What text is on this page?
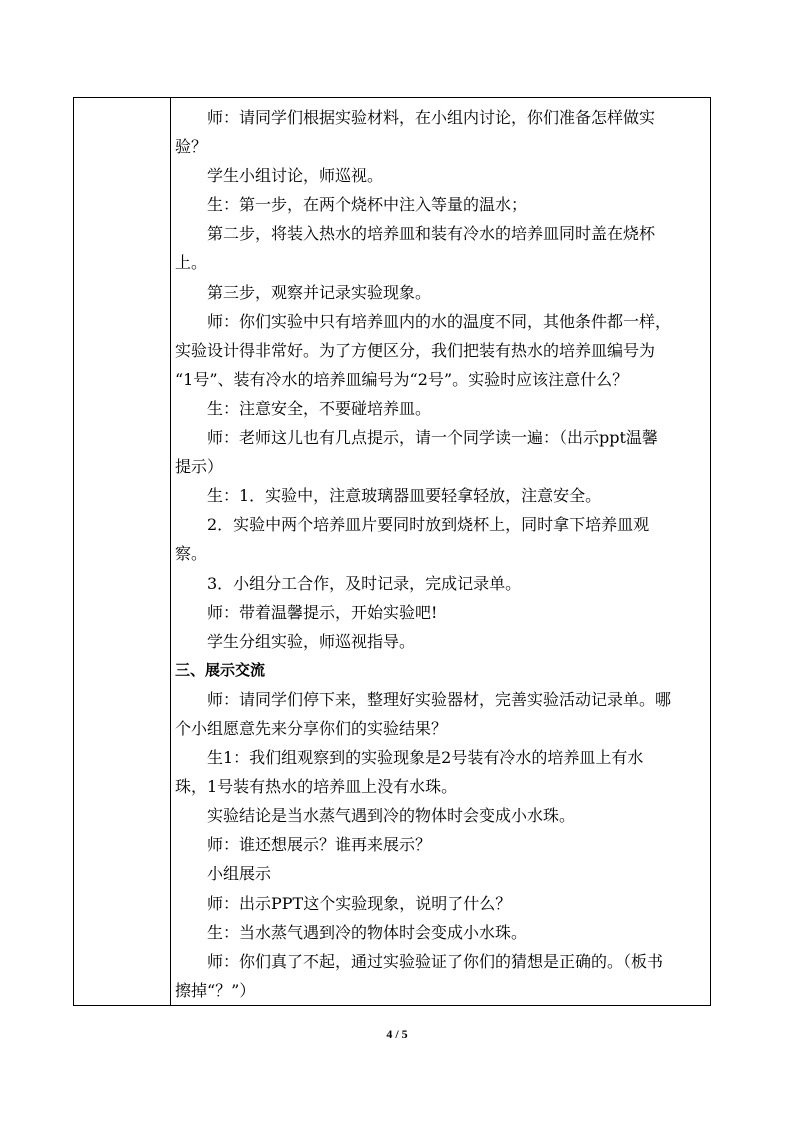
师：请同学们根据实验材料，在小组内讨论，你们准备怎样做实
验？
学生小组讨论，师巡视。
生：第一步，在两个烧杯中注入等量的温水；
第二步，将装入热水的培养皿和装有冷水的培养皿同时盖在烧杯
上。
第三步，观察并记录实验现象。
师：你们实验中只有培养皿内的水的温度不同，其他条件都一样，
实验设计得非常好。为了方便区分，我们把装有热水的培养皿编号为
“1号”、装有冷水的培养皿编号为“2号”。实验时应该注意什么？
生：注意安全，不要碰培养皿。
师：老师这儿也有几点提示，请一个同学读一遍：（出示ppt温馨
提示）
生：1．实验中，注意玻璃器皿要轻拿轻放，注意安全。
2．实验中两个培养皿片要同时放到烧杯上，同时拿下培养皿观
察。
3．小组分工合作，及时记录，完成记录单。
师：带着温馨提示，开始实验吧!
学生分组实验，师巡视指导。
三、展示交流
师：请同学们停下来，整理好实验器材，完善实验活动记录单。哪
个小组愿意先来分享你们的实验结果？
生1：我们组观察到的实验现象是2号装有冷水的培养皿上有水
珠，1号装有热水的培养皿上没有水珠。
实验结论是当水蒸气遇到冷的物体时会变成小水珠。
师：谁还想展示？谁再来展示？
小组展示
师：出示PPT这个实验现象，说明了什么？
生：当水蒸气遇到冷的物体时会变成小水珠。
师：你们真了不起，通过实验验证了你们的猜想是正确的。（板书
擦掉“？”）
4 / 5
